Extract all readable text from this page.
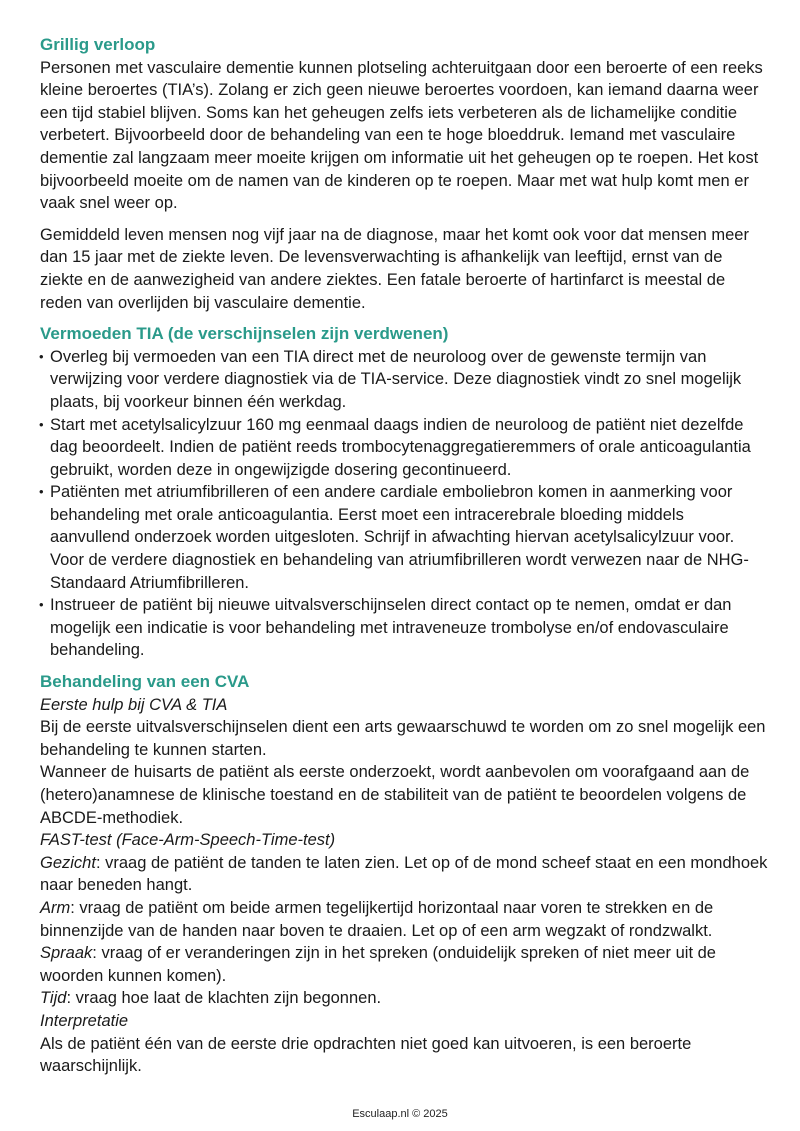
Grillig verloop

Personen met vasculaire dementie kunnen plotseling achteruitgaan door een beroerte of een reeks kleine beroertes (TIA’s). Zolang er zich geen nieuwe beroertes voordoen, kan iemand daarna weer een tijd stabiel blijven. Soms kan het geheugen zelfs iets verbeteren als de lichamelijke conditie verbetert. Bijvoorbeeld door de behandeling van een te hoge bloeddruk. Iemand met vasculaire dementie zal langzaam meer moeite krijgen om informatie uit het geheugen op te roepen. Het kost bijvoorbeeld moeite om de namen van de kinderen op te roepen. Maar met wat hulp komt men er vaak snel weer op.

Gemiddeld leven mensen nog vijf jaar na de diagnose, maar het komt ook voor dat mensen meer dan 15 jaar met de ziekte leven. De levensverwachting is afhankelijk van leeftijd, ernst van de ziekte en de aanwezigheid van andere ziektes. Een fatale beroerte of hartinfarct is meestal de reden van overlijden bij vasculaire dementie.

Vermoeden TIA (de verschijnselen zijn verdwenen)
• Overleg bij vermoeden van een TIA direct met de neuroloog over de gewenste termijn van verwijzing voor verdere diagnostiek via de TIA-service. Deze diagnostiek vindt zo snel mogelijk plaats, bij voorkeur binnen één werkdag.
• Start met acetylsalicylzuur 160 mg eenmaal daags indien de neuroloog de patiënt niet dezelfde dag beoordeelt. Indien de patiënt reeds trombocytenaggregatieremmers of orale anticoagulantia gebruikt, worden deze in ongewijzigde dosering gecontinueerd.
• Patiënten met atriumfibrilleren of een andere cardiale emboliebron komen in aanmerking voor behandeling met orale anticoagulantia. Eerst moet een intracerebrale bloeding middels aanvullend onderzoek worden uitgesloten. Schrijf in afwachting hiervan acetylsalicylzuur voor. Voor de verdere diagnostiek en behandeling van atriumfibrilleren wordt verwezen naar de NHG-Standaard Atriumfibrilleren.
• Instrueer de patiënt bij nieuwe uitvalsverschijnselen direct contact op te nemen, omdat er dan mogelijk een indicatie is voor behandeling met intraveneuze trombolyse en/of endovasculaire behandeling.
Behandeling van een CVA

Eerste hulp bij CVA & TIA

Bij de eerste uitvalsverschijnselen dient een arts gewaarschuwd te worden om zo snel mogelijk een behandeling te kunnen starten.

Wanneer de huisarts de patiënt als eerste onderzoekt, wordt aanbevolen om voorafgaand aan de (hetero)anamnese de klinische toestand en de stabiliteit van de patiënt te beoordelen volgens de ABCDE-methodiek.

FAST-test (Face-Arm-Speech-Time-test)

Gezicht: vraag de patiënt de tanden te laten zien. Let op of de mond scheef staat en een mondhoek naar beneden hangt.

Arm: vraag de patiënt om beide armen tegelijkertijd horizontaal naar voren te strekken en de binnenzijde van de handen naar boven te draaien. Let op of een arm wegzakt of rondzwalkt.

Spraak: vraag of er veranderingen zijn in het spreken (onduidelijk spreken of niet meer uit de woorden kunnen komen).

Tijd: vraag hoe laat de klachten zijn begonnen.

Interpretatie

Als de patiënt één van de eerste drie opdrachten niet goed kan uitvoeren, is een beroerte waarschijnlijk.

Esculaap.nl © 2025
